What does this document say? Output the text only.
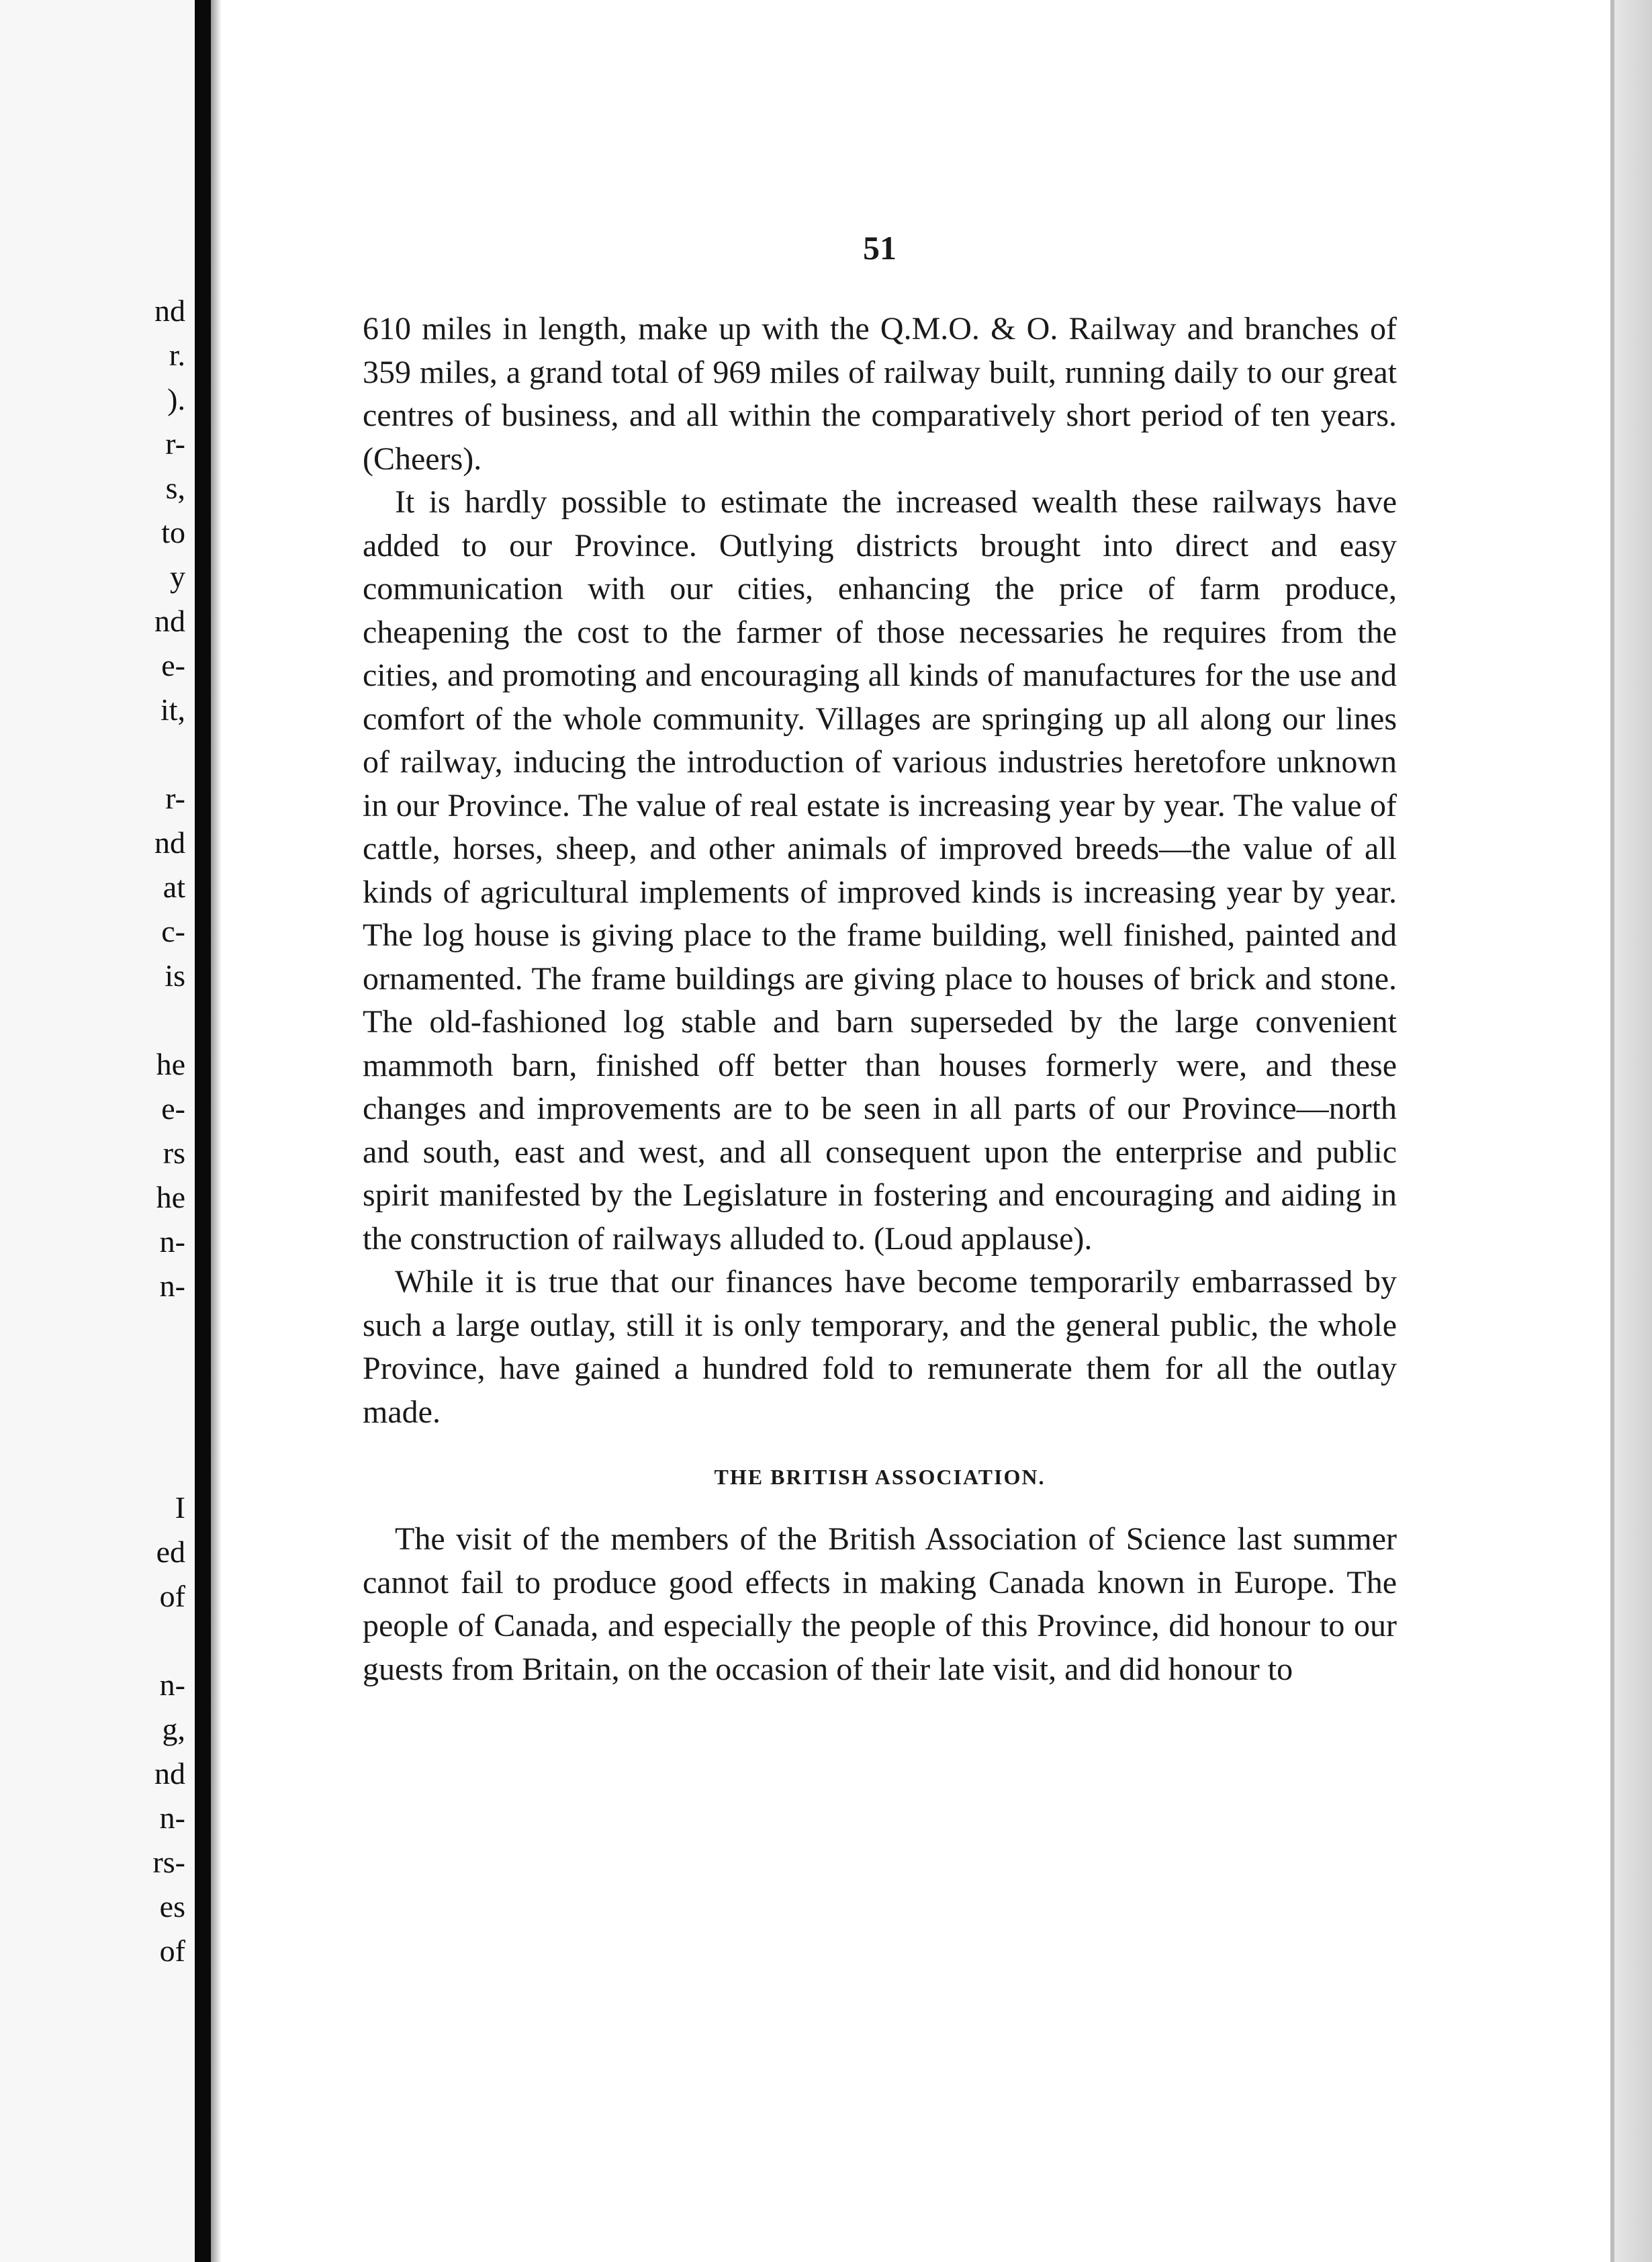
nd
r.
).
r-
s,
to
y
nd
e-
it,
r-
nd
at
c-
is
he
e-
rs
he
n-
n-
I
ed
of
n-
g,
nd
n-
rs-
es
of
51

610 miles in length, make up with the Q.M.O. & O. Railway and branches of 359 miles, a grand total of 969 miles of railway built, running daily to our great centres of business, and all within the comparatively short period of ten years. (Cheers).

It is hardly possible to estimate the increased wealth these railways have added to our Province. Outlying districts brought into direct and easy communication with our cities, enhancing the price of farm produce, cheapening the cost to the farmer of those necessaries he requires from the cities, and promoting and encouraging all kinds of manufactures for the use and comfort of the whole community. Villages are springing up all along our lines of railway, inducing the introduction of various industries heretofore unknown in our Province. The value of real estate is increasing year by year. The value of cattle, horses, sheep, and other animals of improved breeds—the value of all kinds of agricultural implements of improved kinds is increasing year by year. The log house is giving place to the frame building, well finished, painted and ornamented. The frame buildings are giving place to houses of brick and stone. The old-fashioned log stable and barn superseded by the large convenient mammoth barn, finished off better than houses formerly were, and these changes and improvements are to be seen in all parts of our Province—north and south, east and west, and all consequent upon the enterprise and public spirit manifested by the Legislature in fostering and encouraging and aiding in the construction of railways alluded to. (Loud applause).

While it is true that our finances have become temporarily embarrassed by such a large outlay, still it is only temporary, and the general public, the whole Province, have gained a hundred fold to remunerate them for all the outlay made.

THE BRITISH ASSOCIATION.

The visit of the members of the British Association of Science last summer cannot fail to produce good effects in making Canada known in Europe. The people of Canada, and especially the people of this Province, did honour to our guests from Britain, on the occasion of their late visit, and did honour to
